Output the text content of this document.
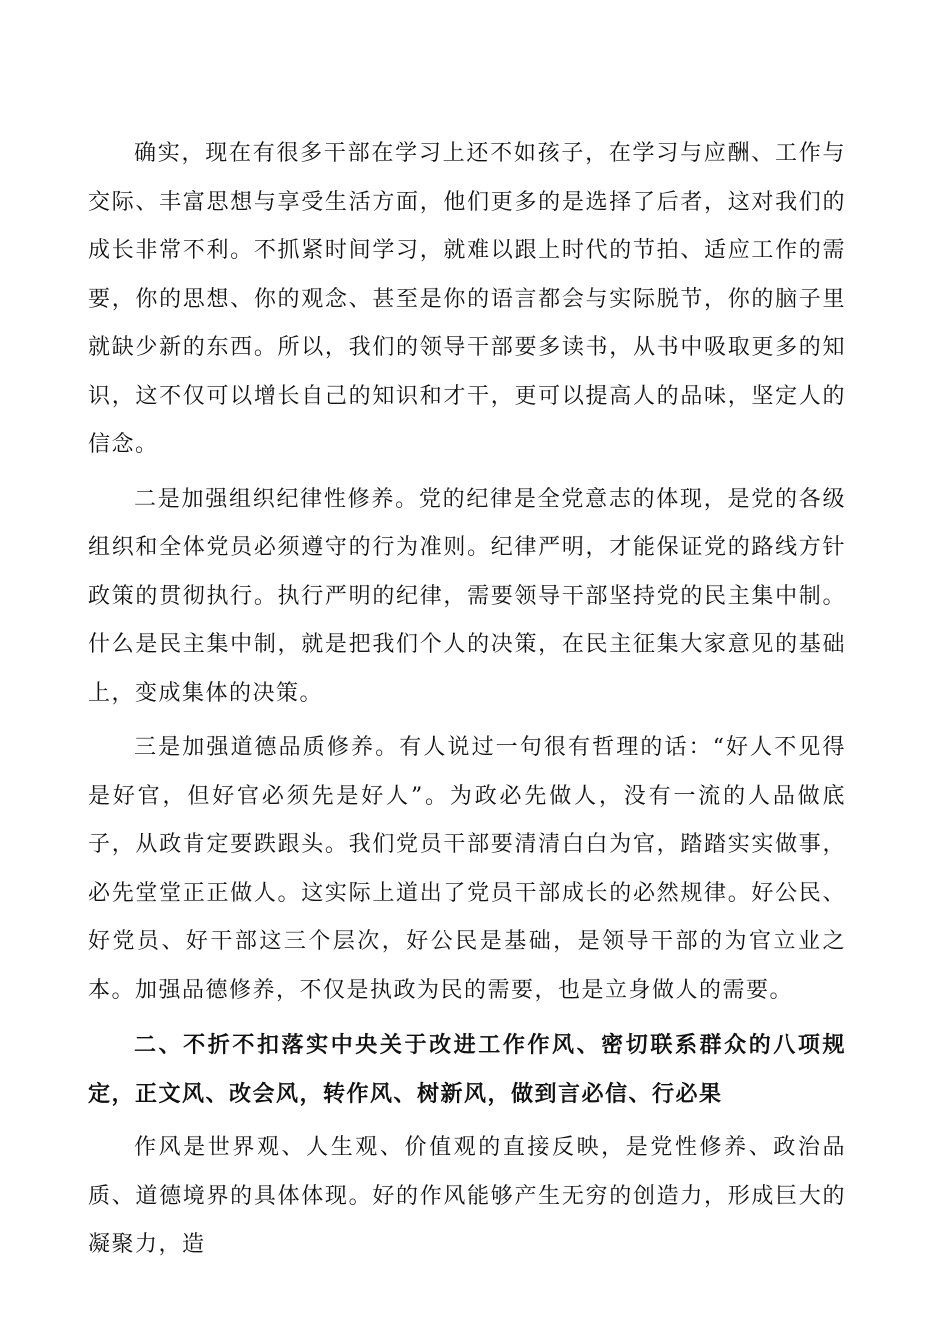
确实，现在有很多干部在学习上还不如孩子，在学习与应酬、工作与交际、丰富思想与享受生活方面，他们更多的是选择了后者，这对我们的成长非常不利。不抓紧时间学习，就难以跟上时代的节拍、适应工作的需要，你的思想、你的观念、甚至是你的语言都会与实际脱节，你的脑子里就缺少新的东西。所以，我们的领导干部要多读书，从书中吸取更多的知识，这不仅可以增长自己的知识和才干，更可以提高人的品味，坚定人的信念。

二是加强组织纪律性修养。党的纪律是全党意志的体现，是党的各级组织和全体党员必须遵守的行为准则。纪律严明，才能保证党的路线方针政策的贯彻执行。执行严明的纪律，需要领导干部坚持党的民主集中制。什么是民主集中制，就是把我们个人的决策，在民主征集大家意见的基础上，变成集体的决策。

三是加强道德品质修养。有人说过一句很有哲理的话：“好人不见得是好官，但好官必须先是好人”。为政必先做人，没有一流的人品做底子，从政肯定要跌跟头。我们党员干部要清清白白为官，踏踏实实做事，必先堂堂正正做人。这实际上道出了党员干部成长的必然规律。好公民、好党员、好干部这三个层次，好公民是基础，是领导干部的为官立业之本。加强品德修养，不仅是执政为民的需要，也是立身做人的需要。

二、不折不扣落实中央关于改进工作作风、密切联系群众的八项规定，正文风、改会风，转作风、树新风，做到言必信、行必果

作风是世界观、人生观、价值观的直接反映，是党性修养、政治品质、道德境界的具体体现。好的作风能够产生无穷的创造力，形成巨大的凝聚力，造
